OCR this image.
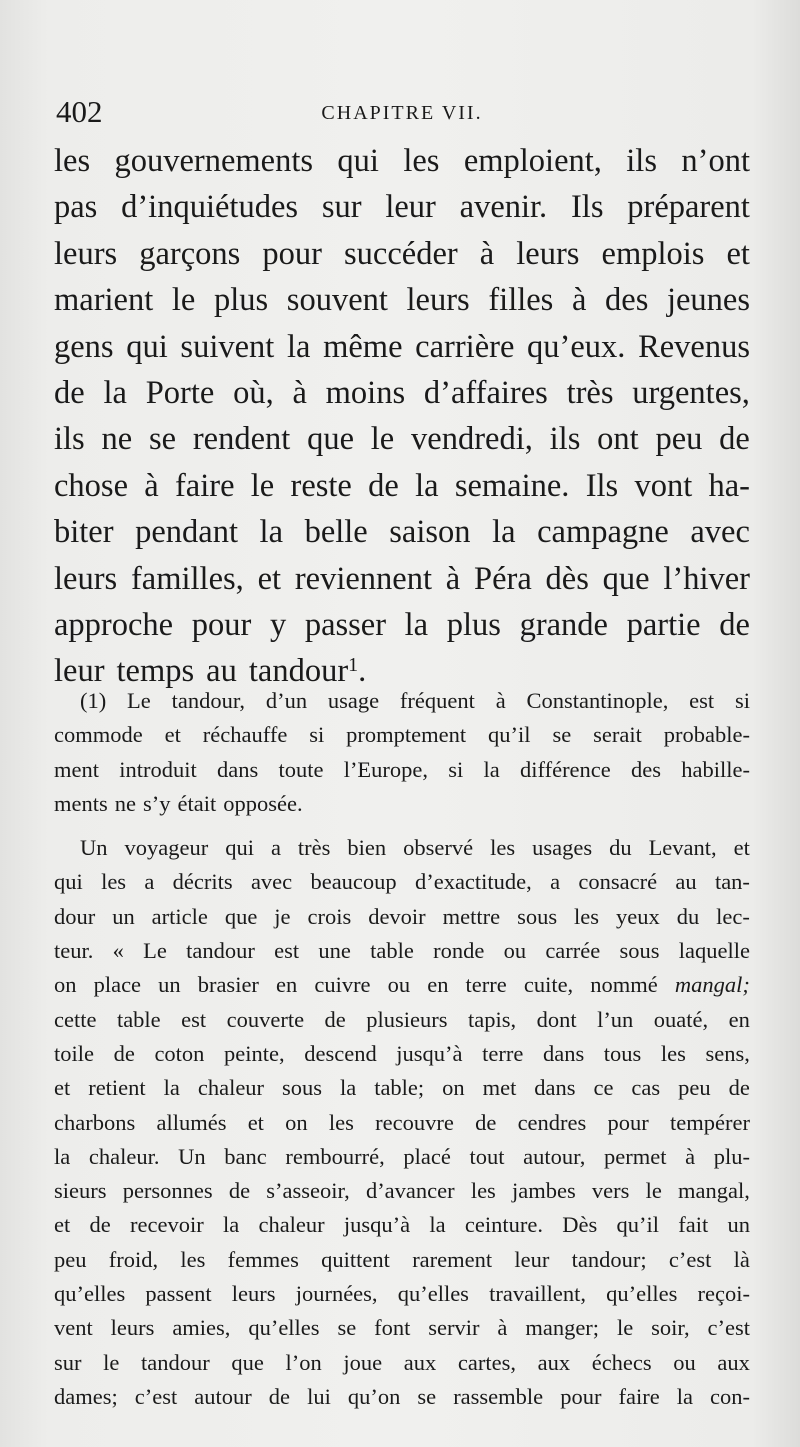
402	CHAPITRE VII.
les gouvernements qui les emploient, ils n’ont
pas d’inquiétudes sur leur avenir. Ils préparent
leurs garçons pour succéder à leurs emplois et
marient le plus souvent leurs filles à des jeunes
gens qui suivent la même carrière qu’eux. Revenus
de la Porte où, à moins d’affaires très urgentes,
ils ne se rendent que le vendredi, ils ont peu de
chose à faire le reste de la semaine. Ils vont ha-
biter pendant la belle saison la campagne avec
leurs familles, et reviennent à Péra dès que l’hiver
approche pour y passer la plus grande partie de
leur temps au tandour$^1$.
(1) Le tandour, d’un usage fréquent à Constantinople, est si
commode et réchauffe si promptement qu’il se serait probable-
ment introduit dans toute l’Europe, si la différence des habille-
ments ne s’y était opposée.
Un voyageur qui a très bien observé les usages du Levant, et
qui les a décrits avec beaucoup d’exactitude, a consacré au tan-
dour un article que je crois devoir mettre sous les yeux du lec-
teur. « Le tandour est une table ronde ou carrée sous laquelle
on place un brasier en cuivre ou en terre cuite, nommé mangal;
cette table est couverte de plusieurs tapis, dont l’un ouaté, en
toile de coton peinte, descend jusqu’à terre dans tous les sens,
et retient la chaleur sous la table; on met dans ce cas peu de
charbons allumés et on les recouvre de cendres pour tempérer
la chaleur. Un banc rembourré, placé tout autour, permet à plu-
sieurs personnes de s’asseoir, d’avancer les jambes vers le mangal,
et de recevoir la chaleur jusqu’à la ceinture. Dès qu’il fait un
peu froid, les femmes quittent rarement leur tandour; c’est là
qu’elles passent leurs journées, qu’elles travaillent, qu’elles reçoi-
vent leurs amies, qu’elles se font servir à manger; le soir, c’est
sur le tandour que l’on joue aux cartes, aux échecs ou aux
dames; c’est autour de lui qu’on se rassemble pour faire la con-
